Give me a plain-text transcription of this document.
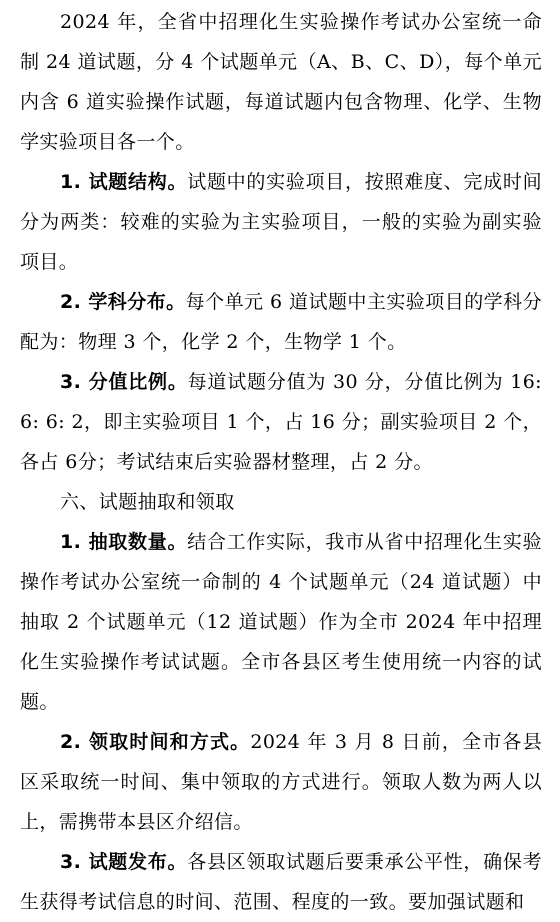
2024 年，全省中招理化生实验操作考试办公室统一命制 24 道试题，分 4 个试题单元（A、B、C、D），每个单元内含 6 道实验操作试题，每道试题内包含物理、化学、生物学实验项目各一个。

1. 试题结构。试题中的实验项目，按照难度、完成时间分为两类：较难的实验为主实验项目，一般的实验为副实验项目。

2. 学科分布。每个单元 6 道试题中主实验项目的学科分配为：物理 3 个，化学 2 个，生物学 1 个。

3. 分值比例。每道试题分值为 30 分，分值比例为 16: 6: 6: 2，即主实验项目 1 个，占 16 分；副实验项目 2 个，各占 6分；考试结束后实验器材整理，占 2 分。

六、试题抽取和领取

1. 抽取数量。结合工作实际，我市从省中招理化生实验操作考试办公室统一命制的 4 个试题单元（24 道试题）中抽取 2 个试题单元（12 道试题）作为全市 2024 年中招理化生实验操作考试试题。全市各县区考生使用统一内容的试题。

2. 领取时间和方式。2024 年 3 月 8 日前，全市各县区采取统一时间、集中领取的方式进行。领取人数为两人以上，需携带本县区介绍信。

3. 试题发布。各县区领取试题后要秉承公平性，确保考生获得考试信息的时间、范围、程度的一致。要加强试题和
